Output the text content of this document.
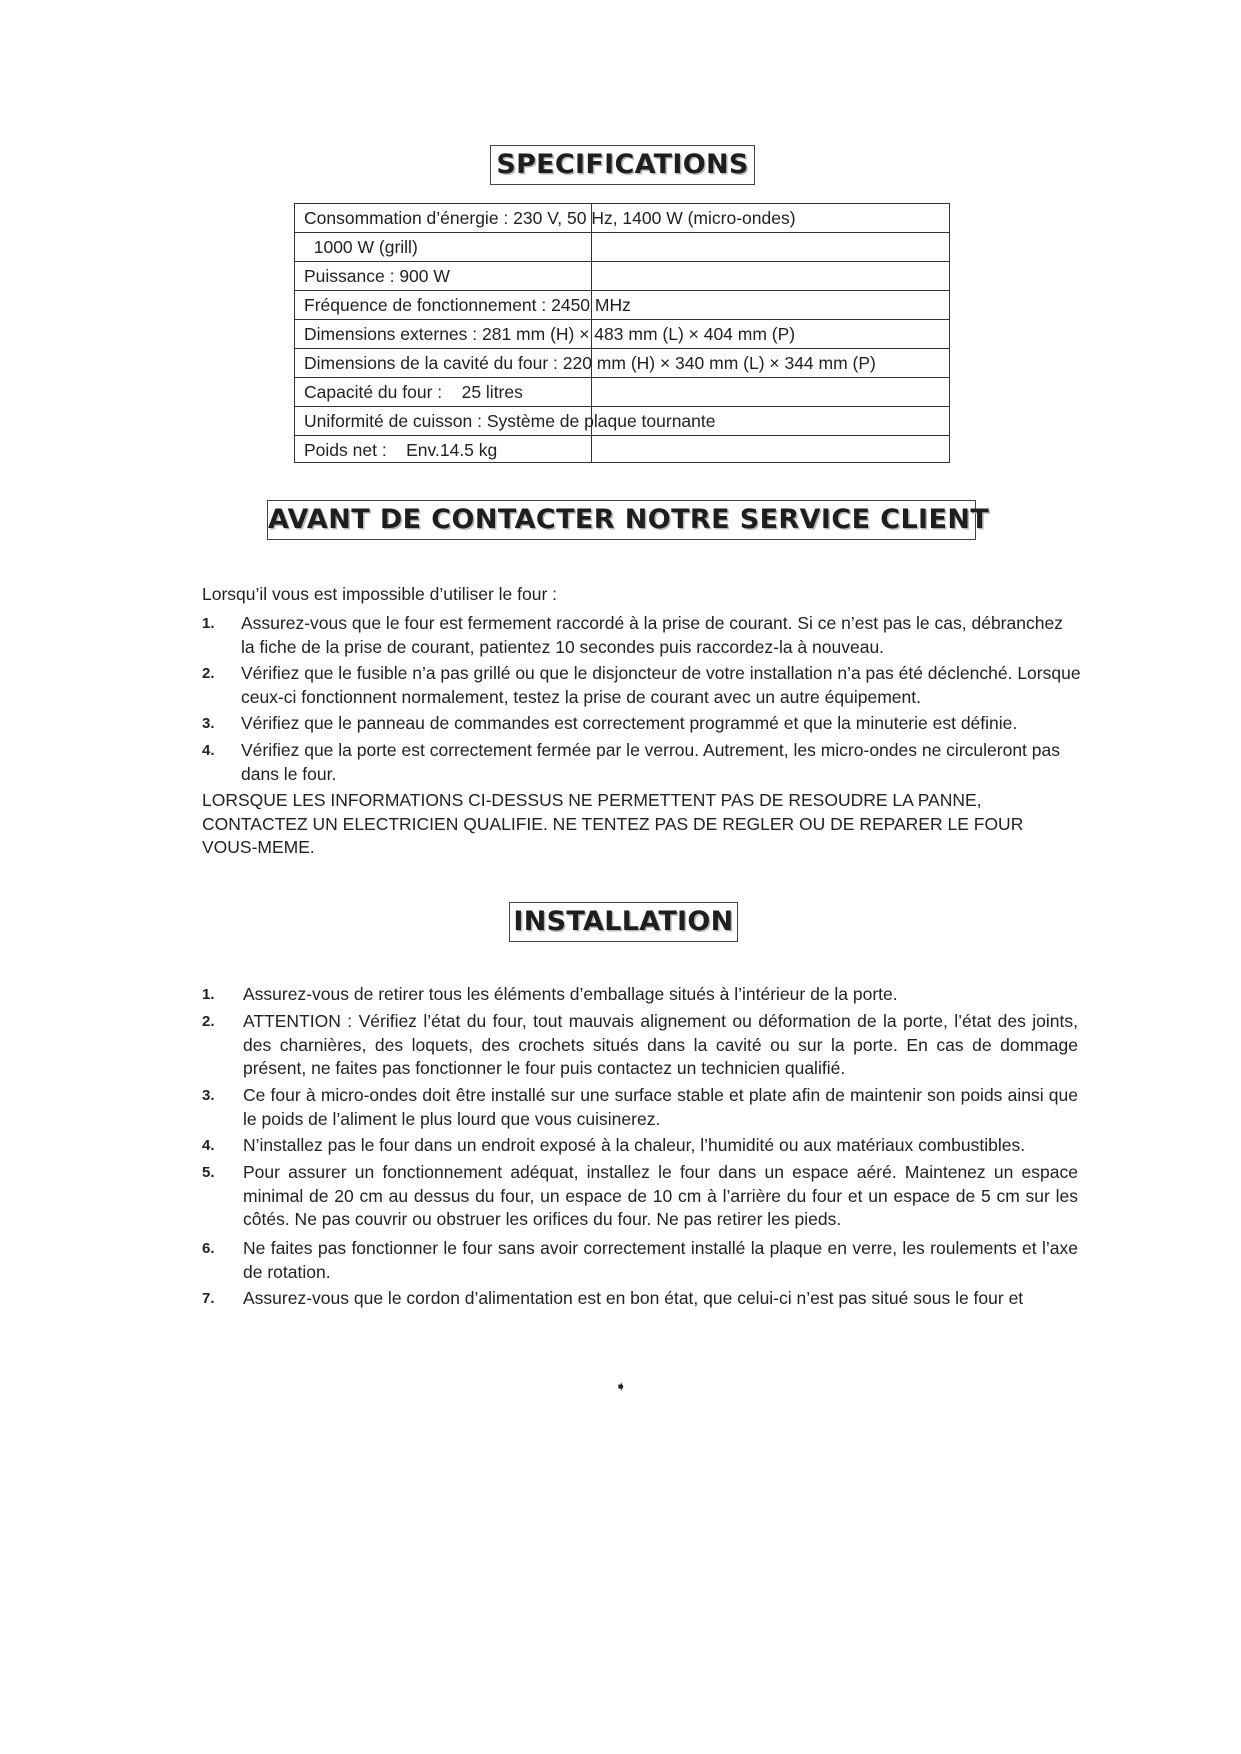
SPECIFICATIONS
Consommation d’énergie : 230 V, 50 Hz, 1400 W (micro-ondes)
1000 W (grill)
Puissance : 900 W
Fréquence de fonctionnement : 2450 MHz
Dimensions externes : 281 mm (H) × 483 mm (L) × 404 mm (P)
Dimensions de la cavité du four : 220 mm (H) × 340 mm (L) × 344 mm (P)
Capacité du four :    25 litres
Uniformité de cuisson : Système de plaque tournante
Poids net :    Env.14.5 kg
AVANT DE CONTACTER NOTRE SERVICE CLIENT
Lorsqu’il vous est impossible d’utiliser le four :
1. Assurez-vous que le four est fermement raccordé à la prise de courant. Si ce n’est pas le cas, débranchez la fiche de la prise de courant, patientez 10 secondes puis raccordez-la à nouveau.
2. Vérifiez que le fusible n’a pas grillé ou que le disjoncteur de votre installation n’a pas été déclenché. Lorsque ceux-ci fonctionnent normalement, testez la prise de courant avec un autre équipement.
3. Vérifiez que le panneau de commandes est correctement programmé et que la minuterie est définie.
4. Vérifiez que la porte est correctement fermée par le verrou. Autrement, les micro-ondes ne circuleront pas dans le four.
LORSQUE LES INFORMATIONS CI-DESSUS NE PERMETTENT PAS DE RESOUDRE LA PANNE, CONTACTEZ UN ELECTRICIEN QUALIFIE. NE TENTEZ PAS DE REGLER OU DE REPARER LE FOUR VOUS-MEME.
INSTALLATION
1. Assurez-vous de retirer tous les éléments d’emballage situés à l’intérieur de la porte.
2. ATTENTION : Vérifiez l’état du four, tout mauvais alignement ou déformation de la porte, l’état des joints, des charnières, des loquets, des crochets situés dans la cavité ou sur la porte. En cas de dommage présent, ne faites pas fonctionner le four puis contactez un technicien qualifié.
3. Ce four à micro-ondes doit être installé sur une surface stable et plate afin de maintenir son poids ainsi que le poids de l’aliment le plus lourd que vous cuisinerez.
4. N’installez pas le four dans un endroit exposé à la chaleur, l’humidité ou aux matériaux combustibles.
5. Pour assurer un fonctionnement adéquat, installez le four dans un espace aéré. Maintenez un espace minimal de 20 cm au dessus du four, un espace de 10 cm à l’arrière du four et un espace de 5 cm sur les côtés. Ne pas couvrir ou obstruer les orifices du four. Ne pas retirer les pieds.
6. Ne faites pas fonctionner le four sans avoir correctement installé la plaque en verre, les roulements et l’axe de rotation.
7. Assurez-vous que le cordon d’alimentation est en bon état, que celui-ci n’est pas situé sous le four et
➧
